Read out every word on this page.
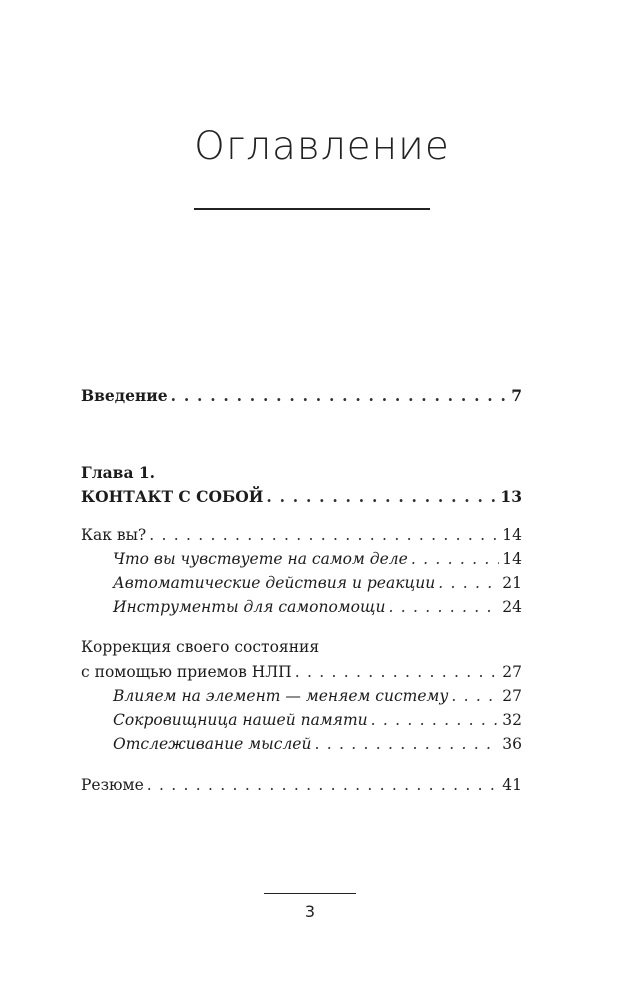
Оглавление
Введение . . .	7
Глава 1.
КОНТАКТ С СОБОЙ . . .	13
Как вы? . . .	14
Что вы чувствуете на самом деле . . .	14
Автоматические действия и реакции . . .	21
Инструменты для самопомощи . . .	24
Коррекция своего состояния
с помощью приемов НЛП . . .	27
Влияем на элемент — меняем систему . . .	27
Сокровищница нашей памяти . . .	32
Отслеживание мыслей . . .	36
Резюме . . .	41
3
